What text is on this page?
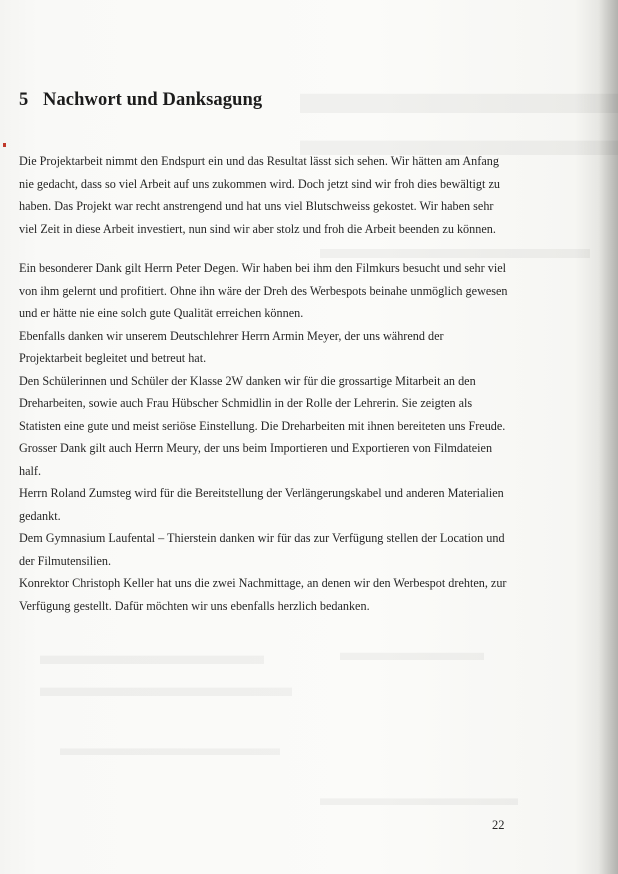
5 Nachwort und Danksagung

Die Projektarbeit nimmt den Endspurt ein und das Resultat lässt sich sehen. Wir hätten am Anfang nie gedacht, dass so viel Arbeit auf uns zukommen wird. Doch jetzt sind wir froh dies bewältigt zu haben. Das Projekt war recht anstrengend und hat uns viel Blutschweiss gekostet. Wir haben sehr viel Zeit in diese Arbeit investiert, nun sind wir aber stolz und froh die Arbeit beenden zu können.

Ein besonderer Dank gilt Herrn Peter Degen. Wir haben bei ihm den Filmkurs besucht und sehr viel von ihm gelernt und profitiert. Ohne ihn wäre der Dreh des Werbespots beinahe unmöglich gewesen und er hätte nie eine solch gute Qualität erreichen können.

Ebenfalls danken wir unserem Deutschlehrer Herrn Armin Meyer, der uns während der Projektarbeit begleitet und betreut hat.

Den Schülerinnen und Schüler der Klasse 2W danken wir für die grossartige Mitarbeit an den Dreharbeiten, sowie auch Frau Hübscher Schmidlin in der Rolle der Lehrerin. Sie zeigten als Statisten eine gute und meist seriöse Einstellung. Die Dreharbeiten mit ihnen bereiteten uns Freude.

Grosser Dank gilt auch Herrn Meury, der uns beim Importieren und Exportieren von Filmdateien half.

Herrn Roland Zumsteg wird für die Bereitstellung der Verlängerungskabel und anderen Materialien gedankt.

Dem Gymnasium Laufental – Thierstein danken wir für das zur Verfügung stellen der Location und der Filmutensilien.

Konrektor Christoph Keller hat uns die zwei Nachmittage, an denen wir den Werbespot drehten, zur Verfügung gestellt. Dafür möchten wir uns ebenfalls herzlich bedanken.

22
